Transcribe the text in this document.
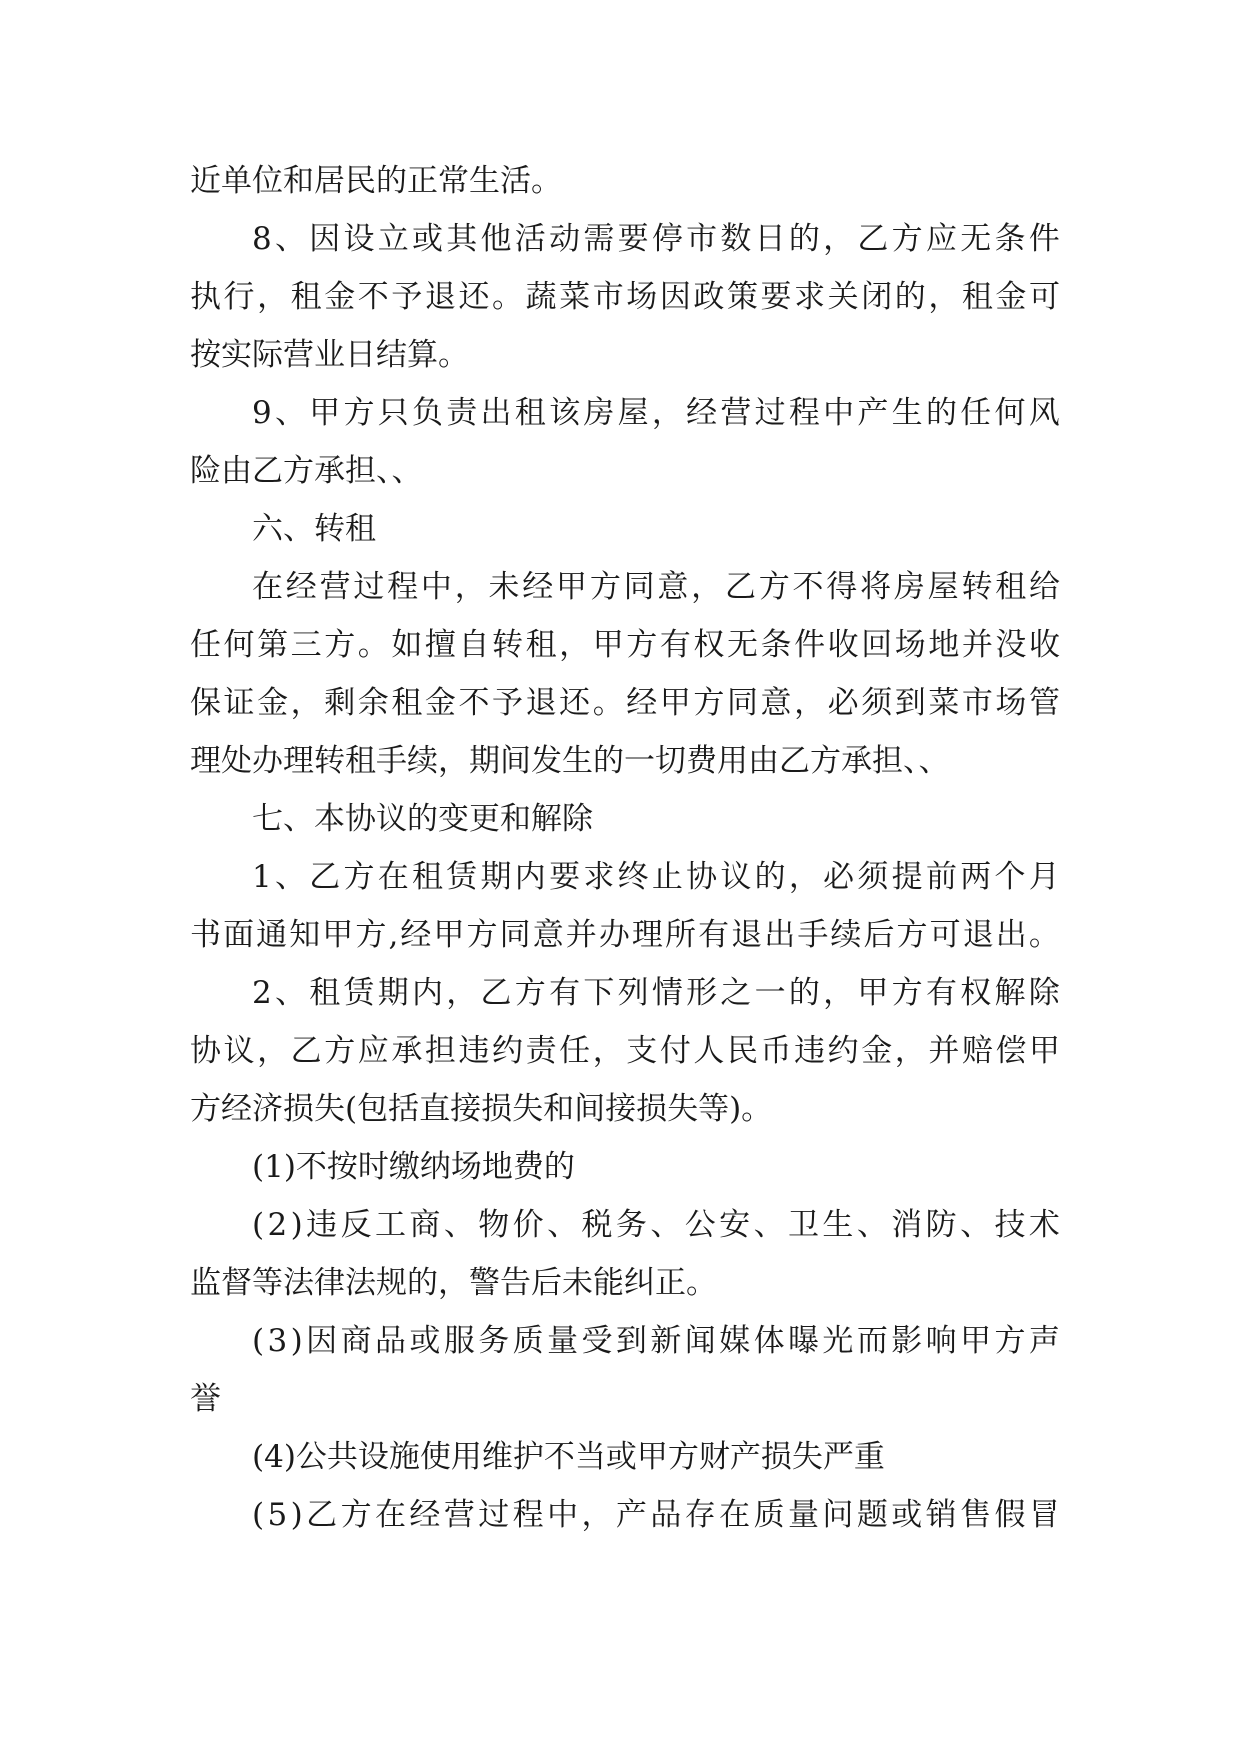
近单位和居民的正常生活。
8、因设立或其他活动需要停市数日的，乙方应无条件
执行，租金不予退还。蔬菜市场因政策要求关闭的，租金可
按实际营业日结算。
9、甲方只负责出租该房屋，经营过程中产生的任何风
险由乙方承担、、
六、转租
在经营过程中，未经甲方同意，乙方不得将房屋转租给
任何第三方。如擅自转租，甲方有权无条件收回场地并没收
保证金，剩余租金不予退还。经甲方同意，必须到菜市场管
理处办理转租手续，期间发生的一切费用由乙方承担、、
七、本协议的变更和解除
1、乙方在租赁期内要求终止协议的，必须提前两个月
书面通知甲方,经甲方同意并办理所有退出手续后方可退出。
2、租赁期内，乙方有下列情形之一的，甲方有权解除
协议，乙方应承担违约责任，支付人民币违约金，并赔偿甲
方经济损失(包括直接损失和间接损失等)。
(1)不按时缴纳场地费的
(2)违反工商、物价、税务、公安、卫生、消防、技术
监督等法律法规的，警告后未能纠正。
(3)因商品或服务质量受到新闻媒体曝光而影响甲方声
誉
(4)公共设施使用维护不当或甲方财产损失严重
(5)乙方在经营过程中，产品存在质量问题或销售假冒
